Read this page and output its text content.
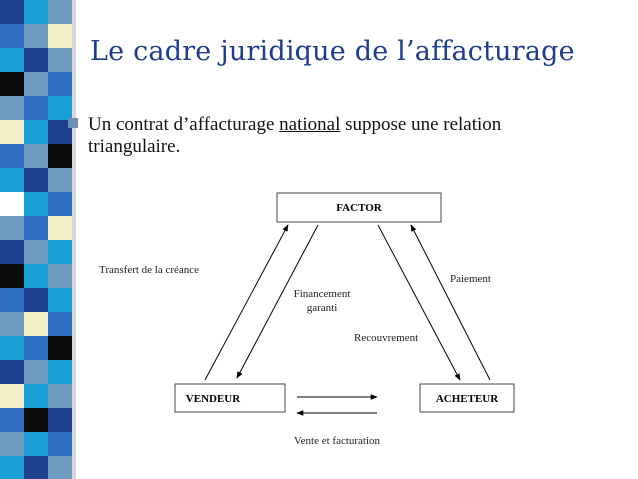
Le cadre juridique de l’affacturage
Un contrat d’affacturage national suppose une relation triangulaire.
FACTOR
VENDEUR	ACHETEUR
Transfert de la créance
Financement
garanti
Recouvrement
Paiement
Vente et facturation
